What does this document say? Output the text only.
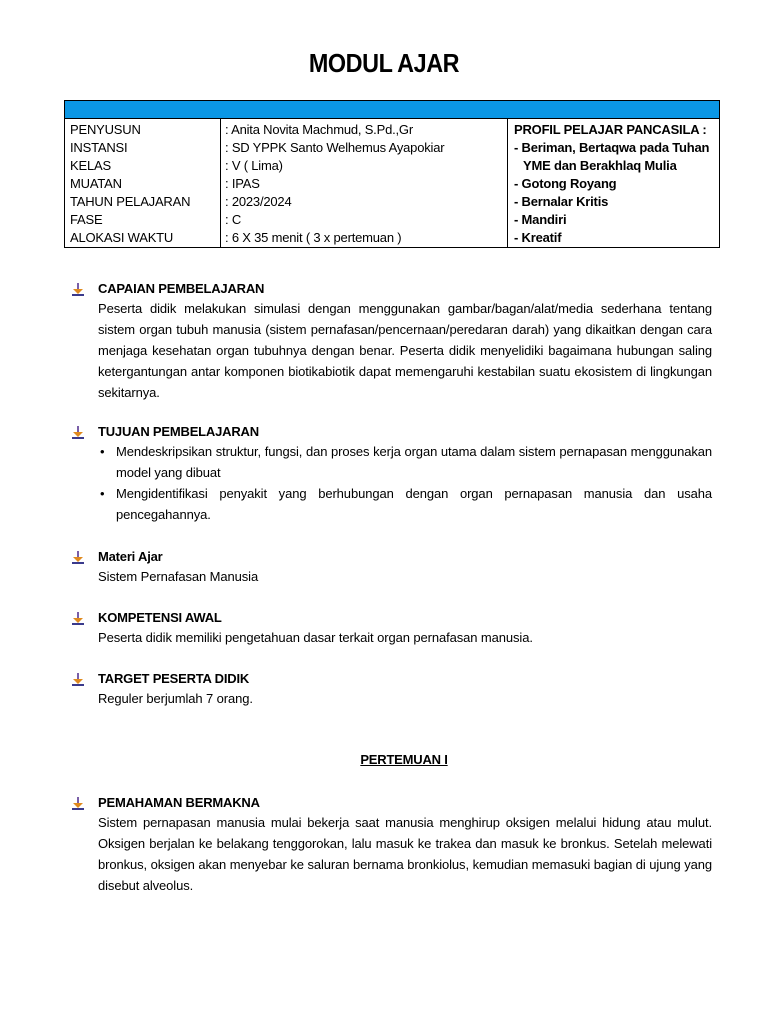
MODUL AJAR
PENYUSUN
INSTANSI
KELAS
MUATAN
TAHUN PELAJARAN
FASE
ALOKASI WAKTU
: Anita Novita Machmud, S.Pd.,Gr
: SD YPPK Santo Welhemus Ayapokiar
: V ( Lima)
: IPAS
: 2023/2024
: C
: 6 X 35 menit ( 3 x pertemuan )
PROFIL PELAJAR PANCASILA :
- Beriman, Bertaqwa pada Tuhan
YME dan Berakhlaq Mulia
- Gotong Royang
- Bernalar Kritis
- Mandiri
- Kreatif
CAPAIAN PEMBELAJARAN
Peserta didik melakukan simulasi dengan menggunakan gambar/bagan/alat/media sederhana tentang sistem organ tubuh manusia (sistem pernafasan/pencernaan/peredaran darah) yang dikaitkan dengan cara menjaga kesehatan organ tubuhnya dengan benar. Peserta didik menyelidiki bagaimana hubungan saling ketergantungan antar komponen biotikabiotik dapat memengaruhi kestabilan suatu ekosistem di lingkungan sekitarnya.
TUJUAN PEMBELAJARAN
• Mendeskripsikan struktur, fungsi, dan proses kerja organ utama dalam sistem pernapasan menggunakan model yang dibuat
• Mengidentifikasi penyakit yang berhubungan dengan organ pernapasan manusia dan usaha pencegahannya.
Materi Ajar
Sistem Pernafasan Manusia
KOMPETENSI AWAL
Peserta didik memiliki pengetahuan dasar terkait organ pernafasan manusia.
TARGET PESERTA DIDIK
Reguler berjumlah 7 orang.
PERTEMUAN I
PEMAHAMAN BERMAKNA
Sistem pernapasan manusia mulai bekerja saat manusia menghirup oksigen melalui hidung atau mulut. Oksigen berjalan ke belakang tenggorokan, lalu masuk ke trakea dan masuk ke bronkus. Setelah melewati bronkus, oksigen akan menyebar ke saluran bernama bronkiolus, kemudian memasuki bagian di ujung yang disebut alveolus.
